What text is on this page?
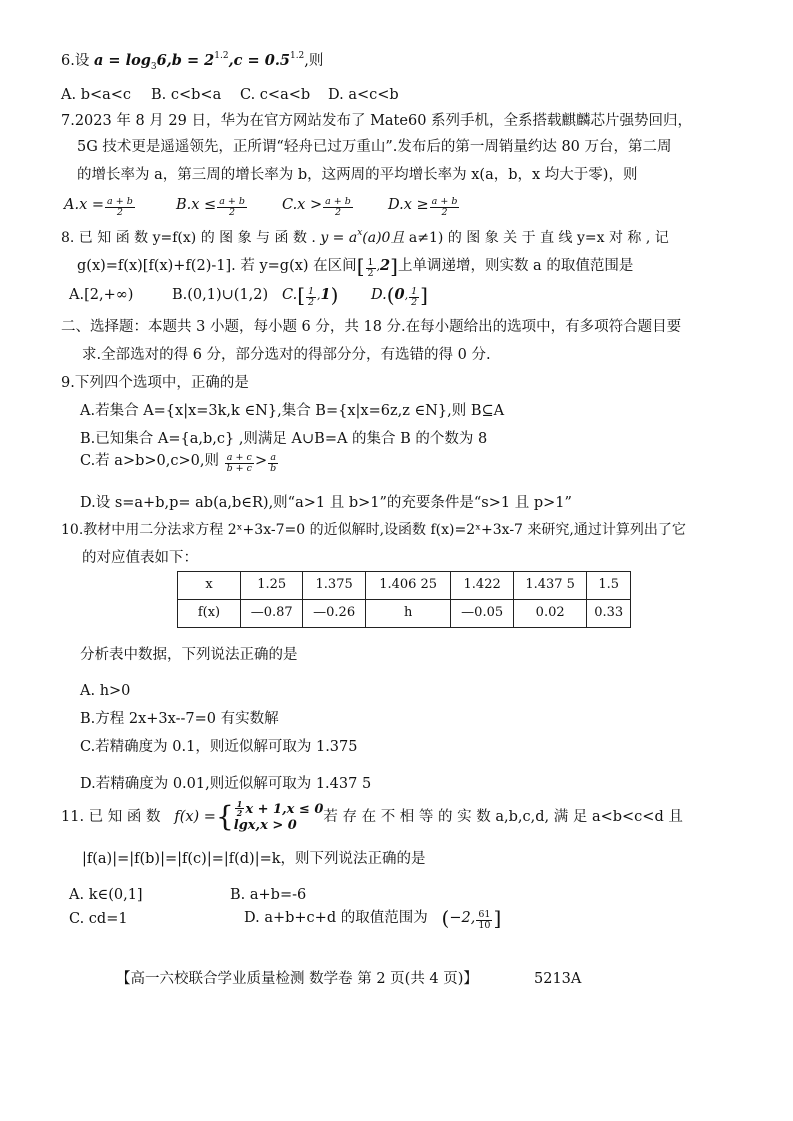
6.设 $a = \log_36,b = 2^{1.2},c = 0.5^{1.2}$,则
A. b<a<c B. c<b<a C. c<a<b D. a<c<b
7.2023 年 8 月 29 日，华为在官方网站发布了 Mate60 系列手机，全系搭载麒麟芯片强势回归，
5G 技术更是遥遥领先，正所谓“轻舟已过万重山”.发布后的第一周销量约达 80 万台，第二周
的增长率为 a，第三周的增长率为 b，这两周的平均增长率为 x(a，b，x 均大于零)，则
$A.x = \frac{a + b}{2}$	$B.x \le \frac{a + b}{2} C.x > \frac{a + b}{2} D.x \ge \frac{a + b}{2}$
8. 已 知 函 数 y=f(x) 的 图 象 与 函 数 . $y = a^x(a)0$且 a≠1) 的 图 象 关 于 直 线 y=x 对 称 , 记
g(x)=f(x)[f(x)+f(2)-1]. 若 y=g(x) 在区间[ $\frac{1}{2} ,2$]上单调递增，则实数 a 的取值范围是
A.[2,+∞)	B.(0,1)∪(1,2) $C.[ \frac{1}{2} ,1)$ D.(0, $\frac{1}{2}$ ]
二、选择题：本题共 3 小题，每小题 6 分，共 18 分.在每小题给出的选项中，有多项符合题目要
求.全部选对的得 6 分，部分选对的得部分分，有选错的得 0 分.
9.下列四个选项中，正确的是
A.若集合 A={x|x=3k,k ∈N},集合 B={x|x=6z,z ∈N},则 B⊆A
B.已知集合 A={a,b,c} ,则满足 A∪B=A 的集合 B 的个数为 8
C.若 a>b>0,c>0,则 $\frac{a + c}{b + c} > \frac{a}{b}$
D.设 s=a+b,p= ab(a,b∈R),则“a>1 且 b>1”的充要条件是“s>1 且 p>1”
10.教材中用二分法求方程 2ˣ+3x-7=0 的近似解时,设函数 f(x)=2ˣ+3x-7 来研究,通过计算列出了它
的对应值表如下：
x	1.25	1.375	1.406 25	1.422	1.437 5	1.5
f(x)	—0.87	—0.26	h	—0.05	0.02	0.33
分析表中数据，下列说法正确的是
A. h>0
B.方程 2x+3x--7=0 有实数解
C.若精确度为 0.1，则近似解可取为 1.375
D.若精确度为 0.01,则近似解可取为 1.437 5
11. 已 知 函 数 f(x) ={ $\frac{1}{2}$ x + 1,x ≤ 0
lgx,x > 0
若 存 在 不 相 等 的 实 数 a,b,c,d, 满 足 a<b<c<d 且
|f(a)|=|f(b)|=|f(c)|=|f(d)|=k，则下列说法正确的是
A. k∈(0,1]	B. a+b=-6
C. cd=1	D. a+b+c+d 的取值范围为 (−2, $\frac{61}{10}$ ]
【高一六校联合学业质量检测 数学卷 第 2 页(共 4 页)】	5213A
